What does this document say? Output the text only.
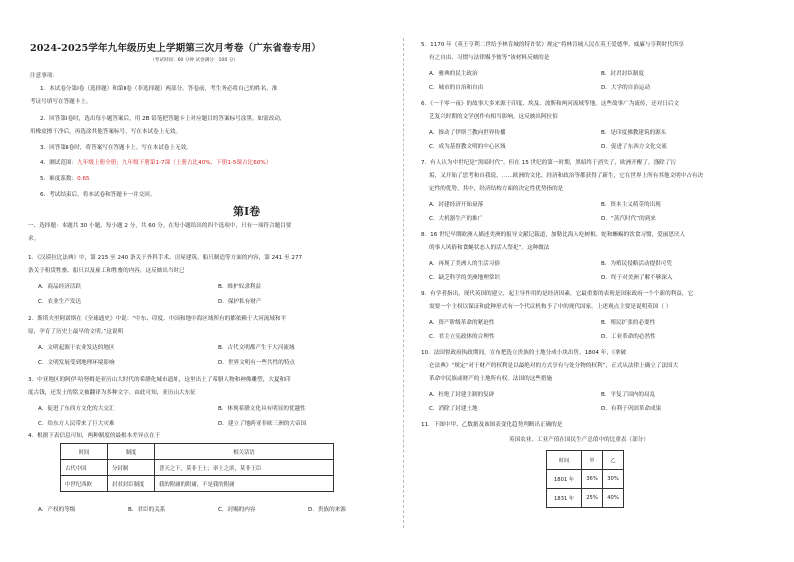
2024-2025学年九年级历史上学期第三次月考卷（广东省卷专用）
（考试时间：60 分钟 试卷满分：100 分）
注意事项：
1．本试卷分第Ⅰ卷（选择题）和第Ⅱ卷（非选择题）两部分。答卷前，考生务必将自己的姓名、准
考证号填写在答题卡上。
2．回答第Ⅰ卷时，选出每小题答案后，用 2B 铅笔把答题卡上对应题目的答案标号涂黑。如需改动，
用橡皮擦干净后，再选涂其他答案标号。写在本试卷上无效。
3．回答第Ⅱ卷时，将答案写在答题卡上。写在本试卷上无效。
4．测试范围：九年级上册全册；九年级下册第1-7课（上册占比40%，下册1-5课占比60%）
5．难度系数：0.65
6．考试结束后，将本试卷和答题卡一并交回。
第Ⅰ卷
一、选择题：本题共 30 小题，每小题 2 分，共 60 分。在每小题给出的四个选项中，只有一项符合题目要
求。
1．《汉谟拉比法典》中，第 215 至 240 条关于外科手术、房屋建筑、船只制造等方面的内容，第 241 至 277
条关于租赁牲畜、船只以及雇工和牲畜的内容，这反映出当时已
A．商品经济活跃	B．维护奴隶利益
C．农业生产发达	D．保护私有财产
2．斯塔夫里阿诺斯在《全球通史》中说：“中东、印度、中国和地中海区域所有的都依赖于大河流域和平
原，孕育了历史上最早的文明。”这说明
A．文明起源于农业发达的地区	B．古代文明都产生于大河流域
C．文明发展受到地理环境影响	D．世界文明有一些共性的特点
3．中亚地区的阿伊·哈努姆是亚历山大时代的希腊化城市遗址，这里出土了希腊人物和神像雕塑，大夏和印
度古钱，还发土的铭文被翻译为多种文字。由此可知，亚历山大东征
A．促进了东西方文化的大交汇	B．体现希腊文化具有明显的优越性
C．给东方人民带来了巨大灾难	D．建立了地跨亚非欧三洲的大帝国
4．根据下表信息可知，两种制度的最根本差异点在于
时间	制度	相关话语
古代中国	分封制	普天之下，莫非王土；率土之滨，莫非王臣
中世纪西欧	封君封臣制度	我的附庸的附庸，不是我的附庸
A．产权的等级	B．君臣的关系	C．封赐的内容	D．贵族的来源
5．1170 年《英王亨利二世给予林肯城的特许状》规定“将林肯城人民在英王爱德华、威廉与亨利时代所享
有之自由、习惯与法律赐予彼等”该材料反映的是
A．雅典的民主政治	B．封君封臣制度
C．城市的自治和自由	D．大学的自治运动
6．《一千零一夜》的故事大多来源于印度、埃及、波斯和两河流域等地，这些故事广为流传，还对日后文
艺复兴时期的文学创作有相当影响。这反映出阿拉伯
A．推动了伊斯兰教向世界传播	B．是印度佛教建筑的源头
C．成为基督教文明的中心区域	D．促进了东西方文化交流
7．有人认为中世纪是“黑暗时代”，但在 15 世纪的第一时期，黑暗终于消失了，欧洲开醒了，涤除了污
垢，又开始了思考和自我说，……欧洲的文化、经济和政治等都获得了新生，它在世界上所有其他文明中占有决
定性的优势。其中，经济结构方面的决定性优势指的是
A．封建经济开始衰落	B．资本主义萌芽的出现
C．大机器生产的推广	D．“蒸汽时代”的到来
8．16 世纪早期欧洲人描述美洲的报导文献记载道，加勒比海人吃树根、蛇和蜥蜴的饮食习惯，爱丽思厌人
的事人风俗和食蝇状态人的活人祭祀”。这种做法
A．再现了美洲人的生活习俗	B．为殖民侵略活动提供可凭
C．缺乏科学的美洲地理常识	D．终于对美洲了解不够深入
9．有学者指出，现代英国的建立，起主导作用的是经济因素，它最重要的表现是国家政府一个个新的利益，它
需要一个主权以保证和此种形式有一个代议机构予了中的现代国家。上述观点主要是说明英国（ ）
A．资产阶级革命的紧迫性	B．殖民扩张的必要性
C．君主立宪政体的合理性	D．工业革命的必然性
10．法国督政府执政期间，宣布把选立贵族的土地分成小块出售。1804 年，《拿破
仑法典》“规定“对于财产的权利是以最绝对的方式享有与处分物的权利”，正式从法律上确立了法国大
革命中民族或财产的土地所有权。法国的这些措施
A．杜绝了封建主制的复辟	B．平复了国内的局乱
C．消除了封建土地	D．有利于巩固革命成果
11．下图中甲、乙数据及该图表变化趋势判断出正确的是
英国农业、工业产值在国民生产总值中的比重表（部分）
时间	甲	乙
1801 年	36%	30%
1831 年	25%	40%
